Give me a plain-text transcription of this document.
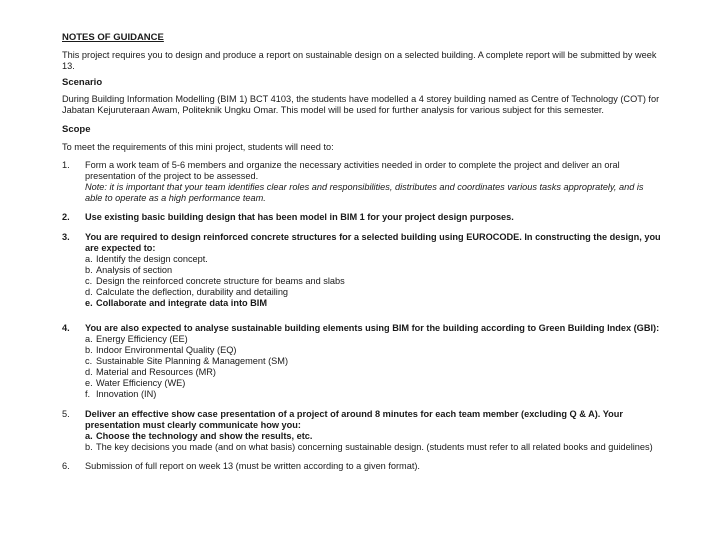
NOTES OF GUIDANCE

This project requires you to design and produce a report on sustainable design on a selected building. A complete report will be submitted by week 13.

Scenario

During Building Information Modelling (BIM 1) BCT 4103, the students have modelled a 4 storey building named as Centre of Technology (COT) for Jabatan Kejuruteraan Awam, Politeknik Ungku Omar. This model will be used for further analysis for various subject for this semester.

Scope

To meet the requirements of this mini project, students will need to:

1.	Form a work team of 5-6 members and organize the necessary activities needed in order to complete the project and deliver an oral presentation of the project to be assessed.
Note: it is important that your team identifies clear roles and responsibilities, distributes and coordinates various tasks approprately, and is able to operate as a high performance team.
2.	Use existing basic building design that has been model in BIM 1 for your project design purposes.
3.	You are required to design reinforced concrete structures for a selected building using EUROCODE. In constructing the design, you are expected to:
a. Identify the design concept.
b. Analysis of section
c. Design the reinforced concrete structure for beams and slabs
d. Calculate the deflection, durability and detailing
e. Collaborate and integrate data into BIM
4.	You are also expected to analyse sustainable building elements using BIM for the building according to Green Building Index (GBI):
a. Energy Efficiency (EE)
b. Indoor Environmental Quality (EQ)
c. Sustainable Site Planning & Management (SM)
d. Material and Resources (MR)
e. Water Efficiency (WE)
f. Innovation (IN)
5.	Deliver an effective show case presentation of a project of around 8 minutes for each team member (excluding Q & A). Your presentation must clearly communicate how you:
a. Choose the technology and show the results, etc.
b. The key decisions you made (and on what basis) concerning sustainable design. (students must refer to all related books and guidelines)
6.	Submission of full report on week 13 (must be written according to a given format).
